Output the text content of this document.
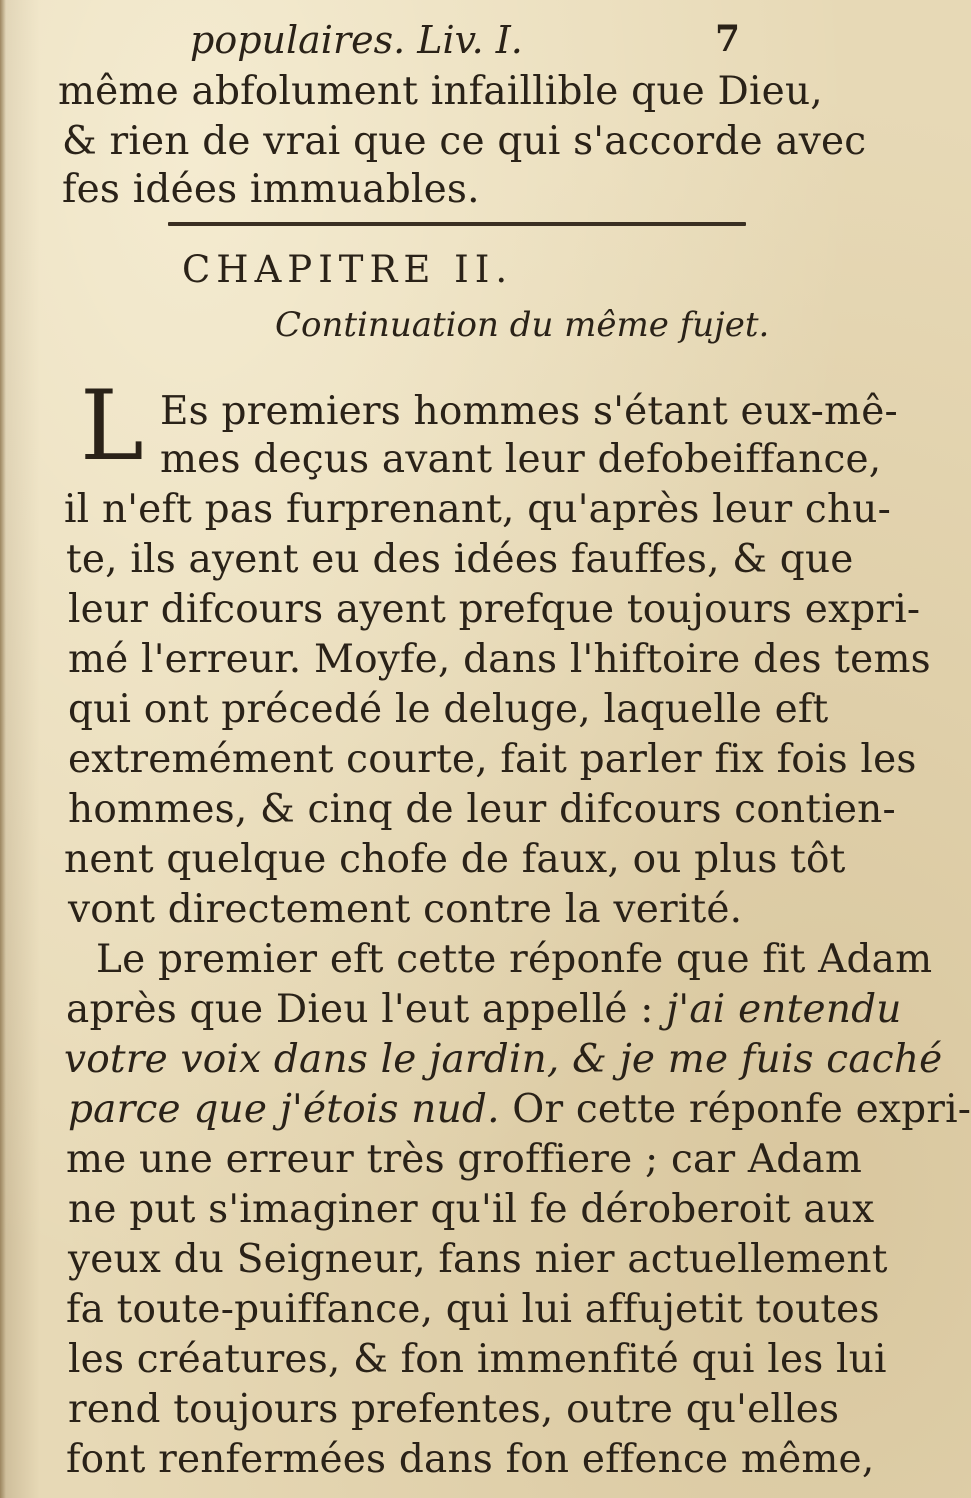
populaires. Liv. I.	7
même abfolument infaillible que Dieu,
& rien de vrai que ce qui s'accorde avec
fes idées immuables.
CHAPITRE II.
Continuation du même fujet.
L Es premiers hommes s'étant eux-mê-
mes deçus avant leur defobeiffance,
il n'eft pas furprenant, qu'après leur chu-
te, ils ayent eu des idées fauffes, & que
leur difcours ayent prefque toujours expri-
mé l'erreur. Moyfe, dans l'hiftoire des tems
qui ont précedé le deluge, laquelle eft
extremément courte, fait parler fix fois les
hommes, & cinq de leur difcours contien-
nent quelque chofe de faux, ou plus tôt
vont directement contre la verité.
Le premier eft cette réponfe que fit Adam
après que Dieu l'eut appellé : j'ai entendu
votre voix dans le jardin, & je me fuis caché
parce que j'étois nud. Or cette réponfe expri-
me une erreur très groffiere ; car Adam
ne put s'imaginer qu'il fe déroberoit aux
yeux du Seigneur, fans nier actuellement
fa toute-puiffance, qui lui affujetit toutes
les créatures, & fon immenfité qui les lui
rend toujours prefentes, outre qu'elles
font renfermées dans fon effence même,
